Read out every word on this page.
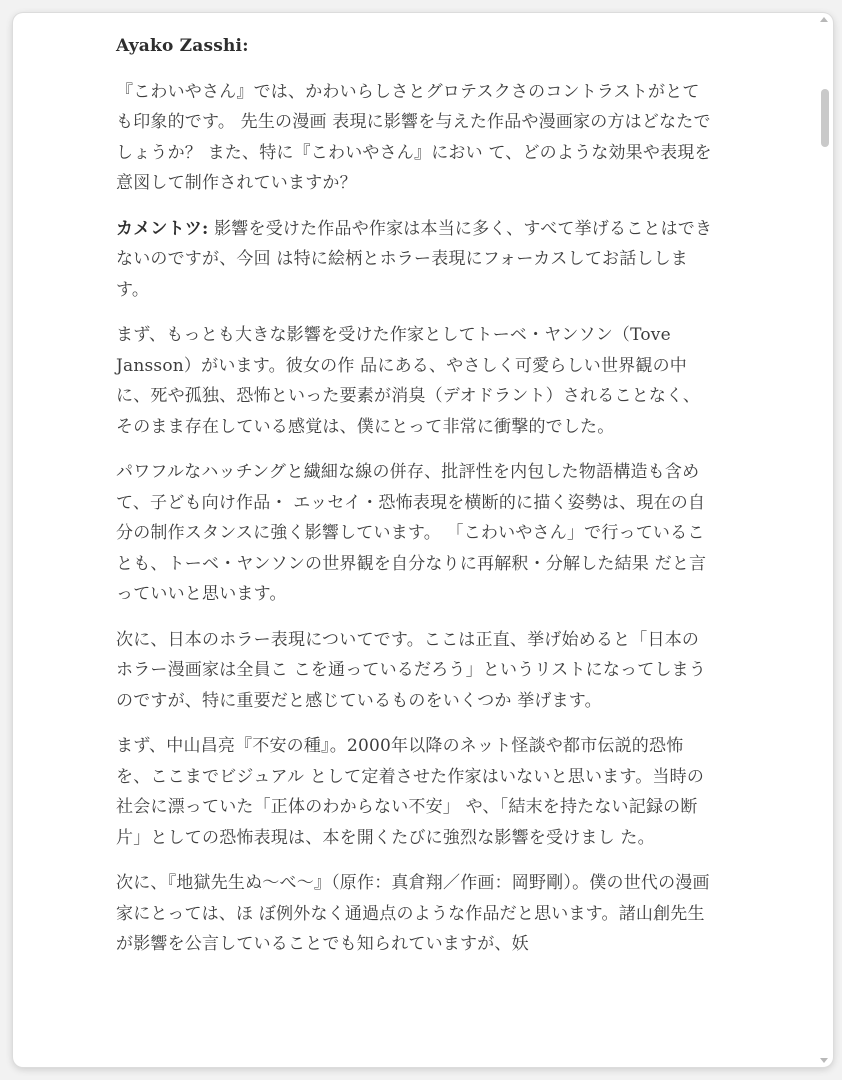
Ayako Zasshi:

『こわいやさん』では、かわいらしさとグロテスクさのコントラストがとても印象的です。 先生の漫画 表現に影響を与えた作品や漫画家の方はどなたでしょうか？ また、特に『こわいやさん』におい て、どのような効果や表現を意図して制作されていますか？

カメントツ: 影響を受けた作品や作家は本当に多く、すべて挙げることはできないのですが、今回 は特に絵柄とホラー表現にフォーカスしてお話しします。

まず、もっとも大きな影響を受けた作家としてトーベ・ヤンソン（Tove Jansson）がいます。彼女の作 品にある、やさしく可愛らしい世界観の中に、死や孤独、恐怖といった要素が消臭（デオドラント）されることなく、そのまま存在している感覚は、僕にとって非常に衝撃的でした。

パワフルなハッチングと繊細な線の併存、批評性を内包した物語構造も含めて、子ども向け作品・ エッセイ・恐怖表現を横断的に描く姿勢は、現在の自分の制作スタンスに強く影響しています。 「こわいやさん」で行っていることも、トーベ・ヤンソンの世界観を自分なりに再解釈・分解した結果 だと言っていいと思います。

次に、日本のホラー表現についてです。ここは正直、挙げ始めると「日本のホラー漫画家は全員こ こを通っているだろう」というリストになってしまうのですが、特に重要だと感じているものをいくつか 挙げます。

まず、中山昌亮『不安の種』。2000年以降のネット怪談や都市伝説的恐怖を、ここまでビジュアル として定着させた作家はいないと思います。当時の社会に漂っていた「正体のわからない不安」 や、「結末を持たない記録の断片」としての恐怖表現は、本を開くたびに強烈な影響を受けまし た。

次に、『地獄先生ぬ～べ～』（原作：真倉翔／作画：岡野剛）。僕の世代の漫画家にとっては、ほ ぼ例外なく通過点のような作品だと思います。諸山創先生が影響を公言していることでも知られていますが、妖
